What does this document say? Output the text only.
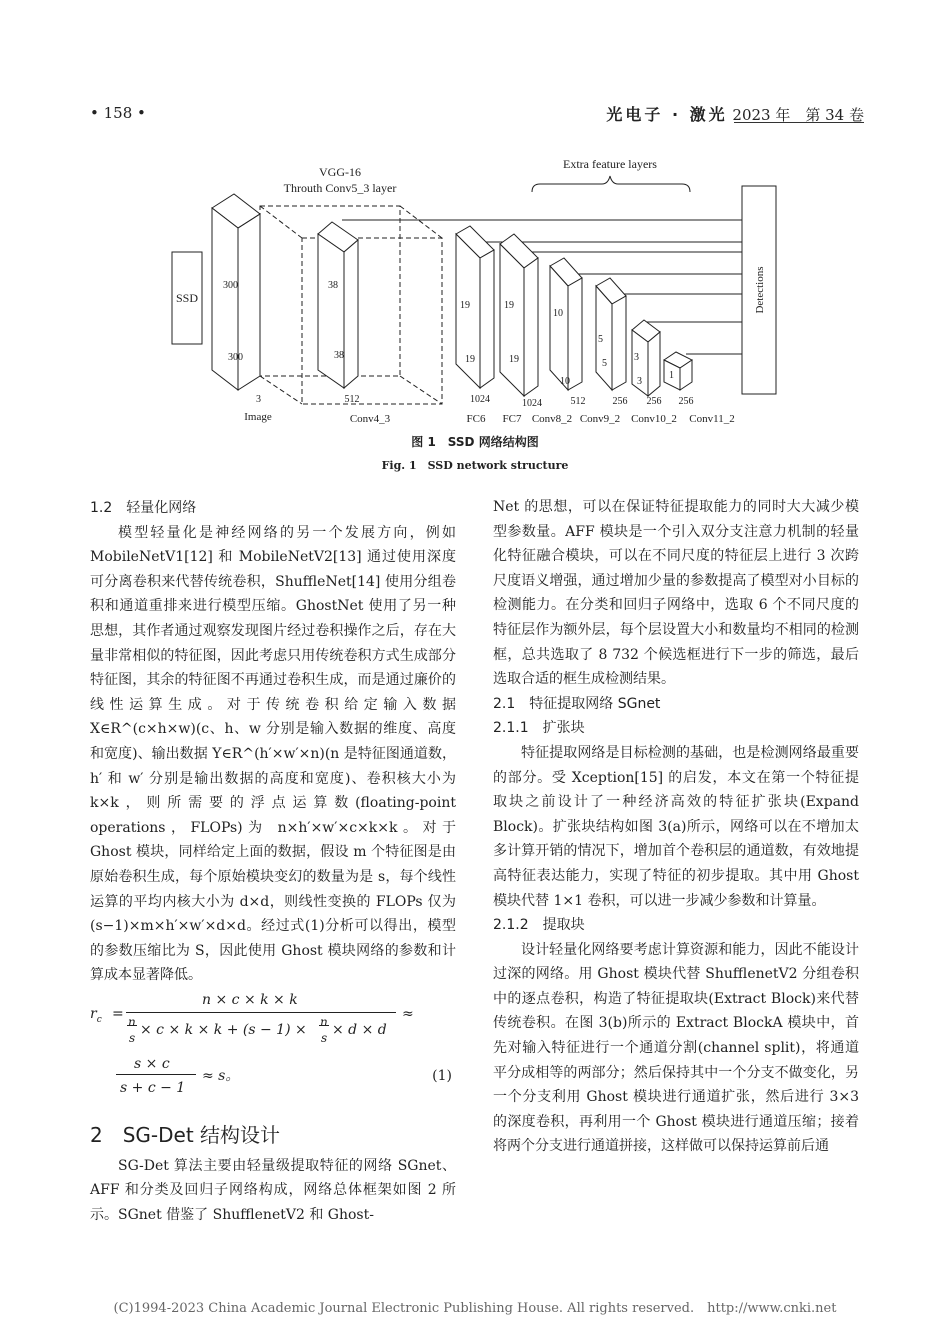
• 158 •	光电子 · 激光 2023 年　第 34 卷
VGG-16
Throuth Conv5_3 layer
Extra feature layers
SSD
300
300
3
Image
38
38
512
Conv4_3
19
19
1024
FC6
19
19
1024
FC7
10
10
512
Conv8_2
5
5
256
Conv9_2
3
3
256
Conv10_2
1
256
Conv11_2
Detections
图 1　SSD 网络结构图
Fig. 1　SSD network structure
1.2　轻量化网络

模型轻量化是神经网络的另一个发展方向，例如 MobileNetV1[12] 和 MobileNetV2[13] 通过使用深度可分离卷积来代替传统卷积，ShuffleNet[14] 使用分组卷积和通道重排来进行模型压缩。GhostNet 使用了另一种思想，其作者通过观察发现图片经过卷积操作之后，存在大量非常相似的特征图，因此考虑只用传统卷积方式生成部分特征图，其余的特征图不再通过卷积生成，而是通过廉价的线性运算生成。对于传统卷积给定输入数据 X∈R^(c×h×w)(c、h、w 分别是输入数据的维度、高度和宽度)、输出数据 Y∈R^(h′×w′×n)(n 是特征图通道数，h′ 和 w′ 分别是输出数据的高度和宽度)、卷积核大小为 k×k，则所需要的浮点运算数(floating-point operations，FLOPs)为 n×h′×w′×c×k×k。对于 Ghost 模块，同样给定上面的数据，假设 m 个特征图是由原始卷积生成，每个原始模块变幻的数量为是 s，每个线性运算的平均内核大小为 d×d，则线性变换的 FLOPs 仅为(s−1)×m×h′×w′×d×d。经过式(1)分析可以得出，模型的参数压缩比为 S，因此使用 Ghost 模块网络的参数和计算成本显著降低。

$r_c$ =
n × c × k × k
n
s × c × k × k + (s − 1) × n
s × d × d
≈
s × c
s + c − 1
≈ s。	(1)
2　SG-Det 结构设计

SG-Det 算法主要由轻量级提取特征的网络 SGnet、AFF 和分类及回归子网络构成，网络总体框架如图 2 所示。SGnet 借鉴了 ShufflenetV2 和 Ghost-

Net 的思想，可以在保证特征提取能力的同时大大减少模型参数量。AFF 模块是一个引入双分支注意力机制的轻量化特征融合模块，可以在不同尺度的特征层上进行 3 次跨尺度语义增强，通过增加少量的参数提高了模型对小目标的检测能力。在分类和回归子网络中，选取 6 个不同尺度的特征层作为额外层，每个层设置大小和数量均不相同的检测框，总共选取了 8 732 个候选框进行下一步的筛选，最后选取合适的框生成检测结果。

2.1　特征提取网络 SGnet
2.1.1　扩张块

特征提取网络是目标检测的基础，也是检测网络最重要的部分。受 Xception[15] 的启发，本文在第一个特征提取块之前设计了一种经济高效的特征扩张块(Expand Block)。扩张块结构如图 3(a)所示，网络可以在不增加太多计算开销的情况下，增加首个卷积层的通道数，有效地提高特征表达能力，实现了特征的初步提取。其中用 Ghost 模块代替 1×1 卷积，可以进一步减少参数和计算量。

2.1.2　提取块

设计轻量化网络要考虑计算资源和能力，因此不能设计过深的网络。用 Ghost 模块代替 ShufflenetV2 分组卷积中的逐点卷积，构造了特征提取块(Extract Block)来代替传统卷积。在图 3(b)所示的 Extract BlockA 模块中，首先对输入特征进行一个通道分割(channel split)，将通道平分成相等的两部分；然后保持其中一个分支不做变化，另一个分支利用 Ghost 模块进行通道扩张，然后进行 3×3 的深度卷积，再利用一个 Ghost 模块进行通道压缩；接着将两个分支进行通道拼接，这样做可以保持运算前后通

(C)1994-2023 China Academic Journal Electronic Publishing House. All rights reserved.　http://www.cnki.net
